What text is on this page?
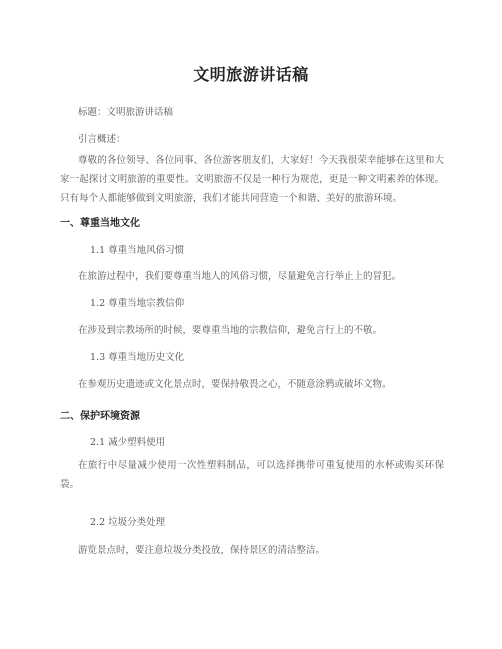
文明旅游讲话稿
标题：文明旅游讲话稿
引言概述：
尊敬的各位领导、各位同事、各位游客朋友们，大家好！今天我很荣幸能够在这里和大家一起探讨文明旅游的重要性。文明旅游不仅是一种行为规范，更是一种文明素养的体现。只有每个人都能够做到文明旅游，我们才能共同营造一个和谐、美好的旅游环境。
一、尊重当地文化
1.1 尊重当地风俗习惯
在旅游过程中，我们要尊重当地人的风俗习惯，尽量避免言行举止上的冒犯。
1.2 尊重当地宗教信仰
在涉及到宗教场所的时候，要尊重当地的宗教信仰，避免言行上的不敬。
1.3 尊重当地历史文化
在参观历史遗迹或文化景点时，要保持敬畏之心，不随意涂鸦或破坏文物。
二、保护环境资源
2.1 减少塑料使用
在旅行中尽量减少使用一次性塑料制品，可以选择携带可重复使用的水杯或购买环保袋。
2.2 垃圾分类处理
游览景点时，要注意垃圾分类投放，保持景区的清洁整洁。
